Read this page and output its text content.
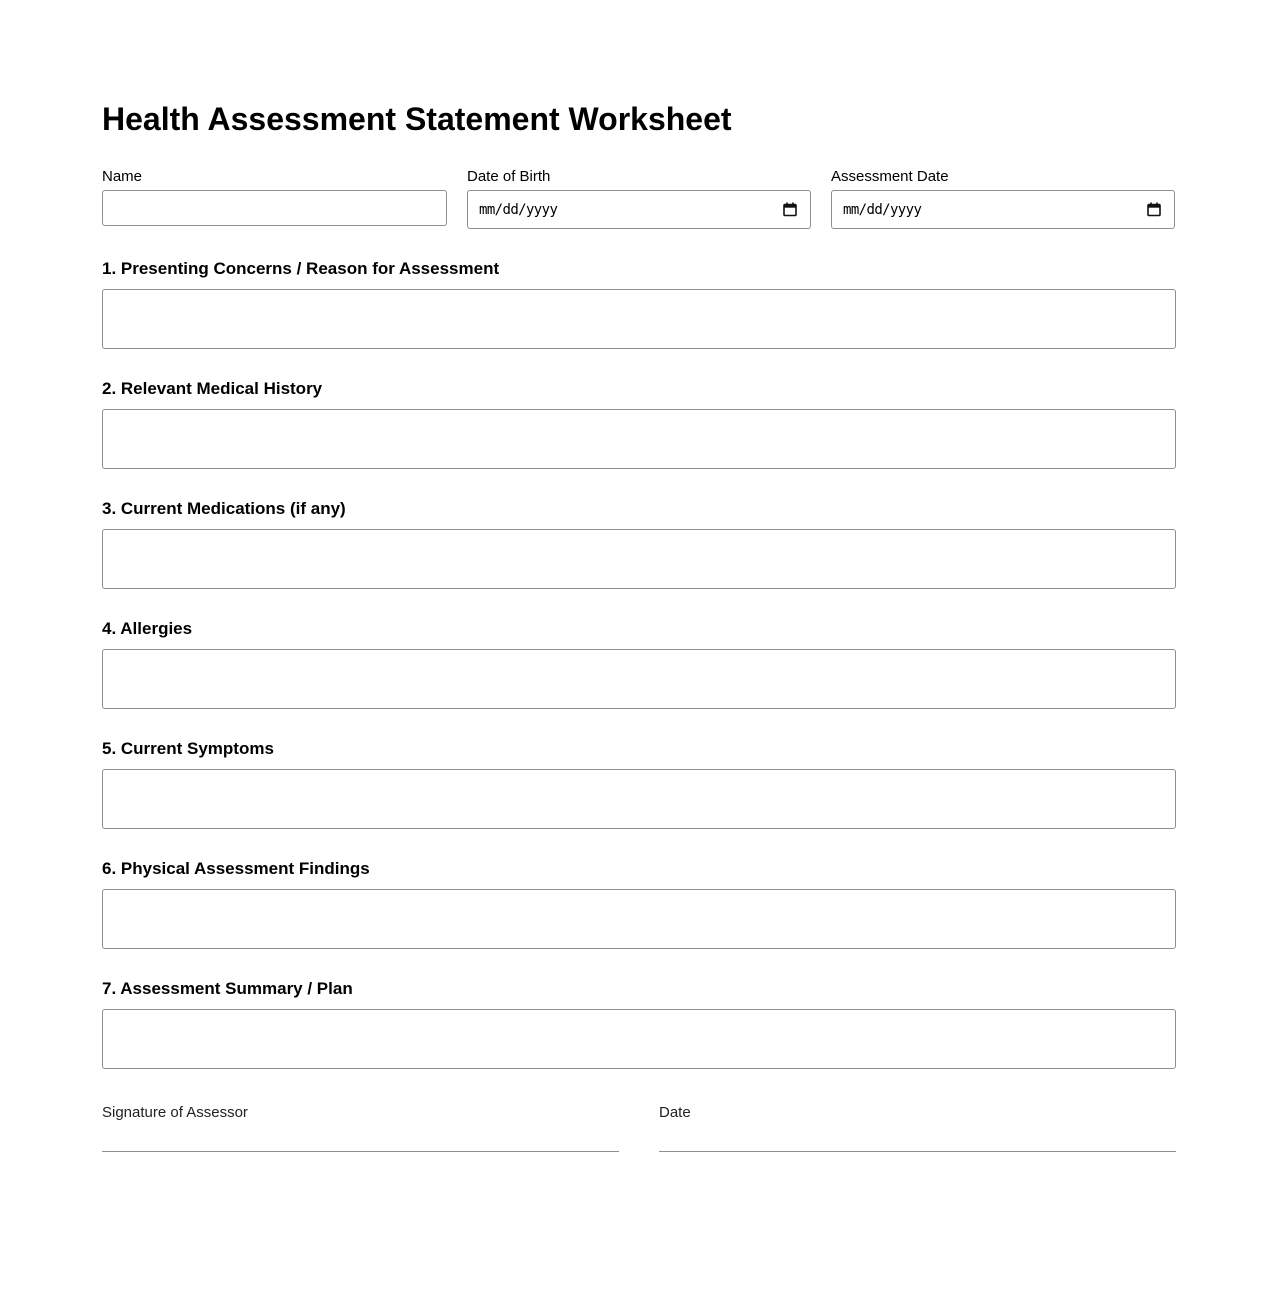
Health Assessment Statement Worksheet
Name	Date of Birth
mm/dd/yyyy
Assessment Date
mm/dd/yyyy
1. Presenting Concerns / Reason for Assessment
2. Relevant Medical History
3. Current Medications (if any)
4. Allergies
5. Current Symptoms
6. Physical Assessment Findings
7. Assessment Summary / Plan
Signature of Assessor	Date
